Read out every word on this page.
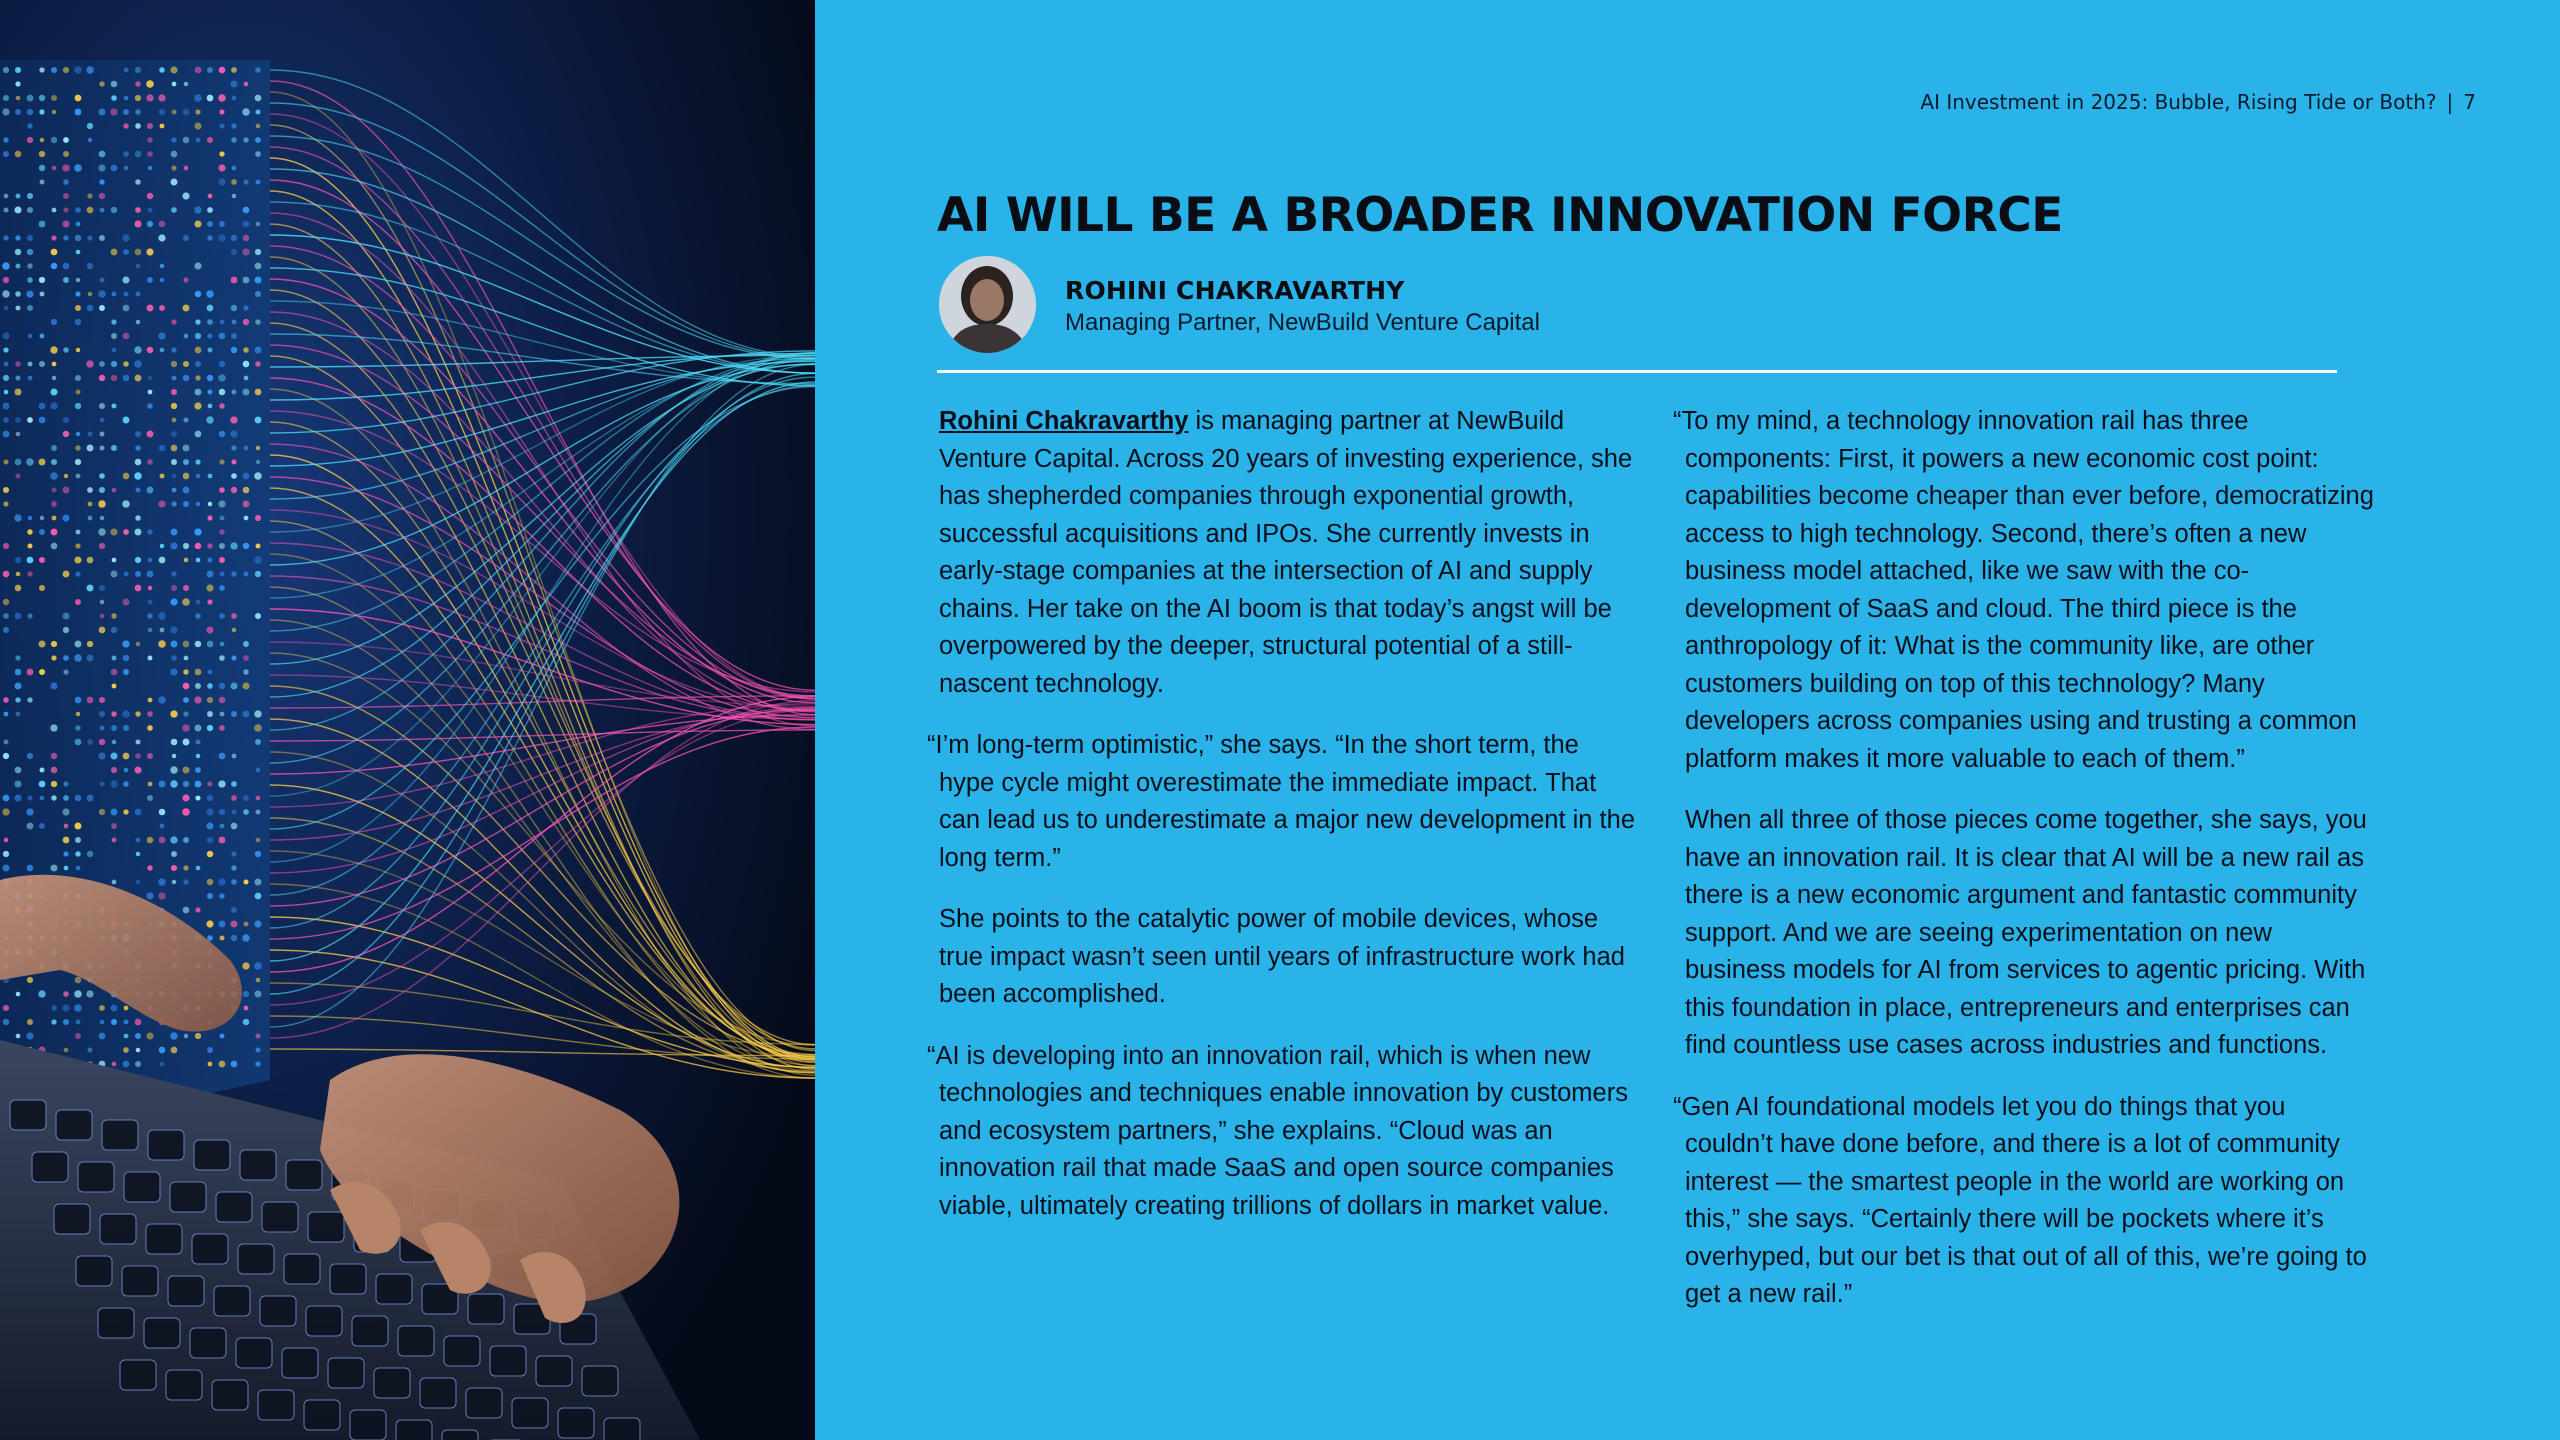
AI Investment in 2025: Bubble, Rising Tide or Both? | 7
AI WILL BE A BROADER INNOVATION FORCE
ROHINI CHAKRAVARTHY
Managing Partner, NewBuild Venture Capital

Rohini Chakravarthy is managing partner at NewBuild Venture Capital. Across 20 years of investing experience, she has shepherded companies through exponential growth, successful acquisitions and IPOs. She currently invests in early-stage companies at the intersection of AI and supply chains. Her take on the AI boom is that today’s angst will be overpowered by the deeper, structural potential of a still-nascent technology.

“I’m long-term optimistic,” she says. “In the short term, the hype cycle might overestimate the immediate impact. That can lead us to underestimate a major new development in the long term.”

She points to the catalytic power of mobile devices, whose true impact wasn’t seen until years of infrastructure work had been accomplished.

“AI is developing into an innovation rail, which is when new technologies and techniques enable innovation by customers and ecosystem partners,” she explains. “Cloud was an innovation rail that made SaaS and open source companies viable, ultimately creating trillions of dollars in market value.

“To my mind, a technology innovation rail has three components: First, it powers a new economic cost point: capabilities become cheaper than ever before, democratizing access to high technology. Second, there’s often a new business model attached, like we saw with the co-development of SaaS and cloud. The third piece is the anthropology of it: What is the community like, are other customers building on top of this technology? Many developers across companies using and trusting a common platform makes it more valuable to each of them.”

When all three of those pieces come together, she says, you have an innovation rail. It is clear that AI will be a new rail as there is a new economic argument and fantastic community support. And we are seeing experimentation on new business models for AI from services to agentic pricing. With this foundation in place, entrepreneurs and enterprises can find countless use cases across industries and functions.

“Gen AI foundational models let you do things that you couldn’t have done before, and there is a lot of community interest — the smartest people in the world are working on this,” she says. “Certainly there will be pockets where it’s overhyped, but our bet is that out of all of this, we’re going to get a new rail.”
